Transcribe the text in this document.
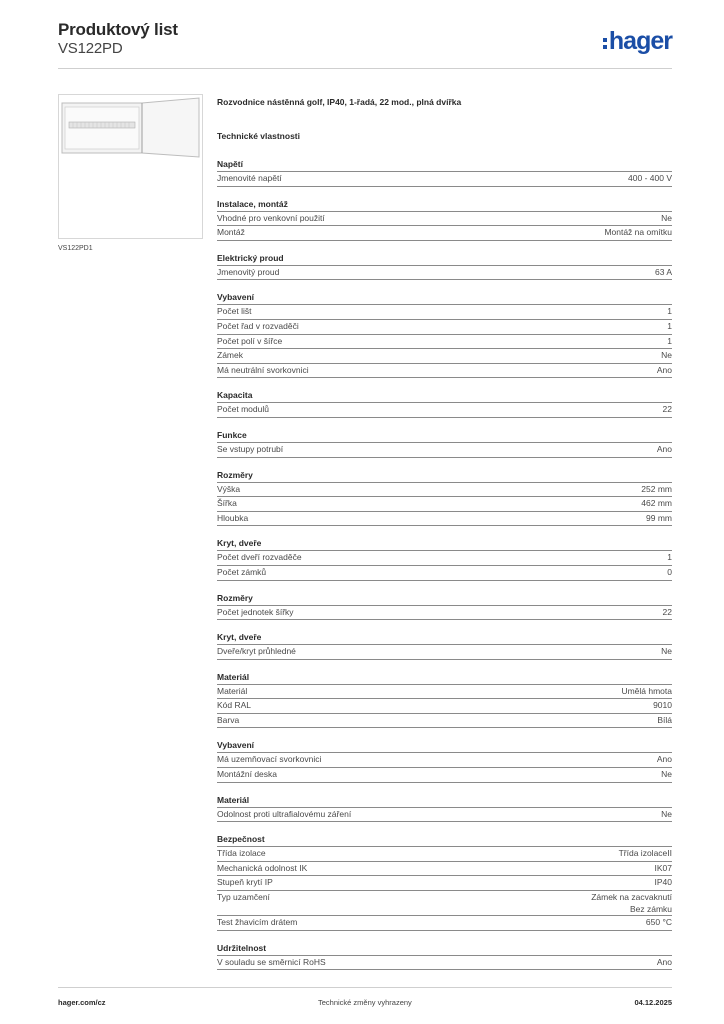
Produktový list
VS122PD	hager
VS122PD1
Rozvodnice nástěnná golf, IP40, 1-řadá, 22 mod., plná dvířka
Technické vlastnosti
Napětí
Jmenovité napětí	400 - 400 V
Instalace, montáž
Vhodné pro venkovní použití	Ne
Montáž	Montáž na omítku
Elektrický proud
Jmenovitý proud	63 A
Vybavení
Počet lišt	1
Počet řad v rozvaděči	1
Počet polí v šířce	1
Zámek	Ne
Má neutrální svorkovnici	Ano
Kapacita
Počet modulů	22
Funkce
Se vstupy potrubí	Ano
Rozměry
Výška	252 mm
Šířka	462 mm
Hloubka	99 mm
Kryt, dveře
Počet dveří rozvaděče	1
Počet zámků	0
Rozměry
Počet jednotek šířky	22
Kryt, dveře
Dveře/kryt průhledné	Ne
Materiál
Materiál	Umělá hmota
Kód RAL	9010
Barva	Bílá
Vybavení
Má uzemňovací svorkovnici	Ano
Montážní deska	Ne
Materiál
Odolnost proti ultrafialovému záření	Ne
Bezpečnost
Třída izolace	Třída izolaceII
Mechanická odolnost IK	IK07
Stupeň krytí IP	IP40
Typ uzamčení	Zámek na zacvaknutí
Bez zámku
Test žhavicím drátem	650 °C
Udržitelnost
V souladu se směrnicí RoHS	Ano
hager.com/cz	Technické změny vyhrazeny	04.12.2025
